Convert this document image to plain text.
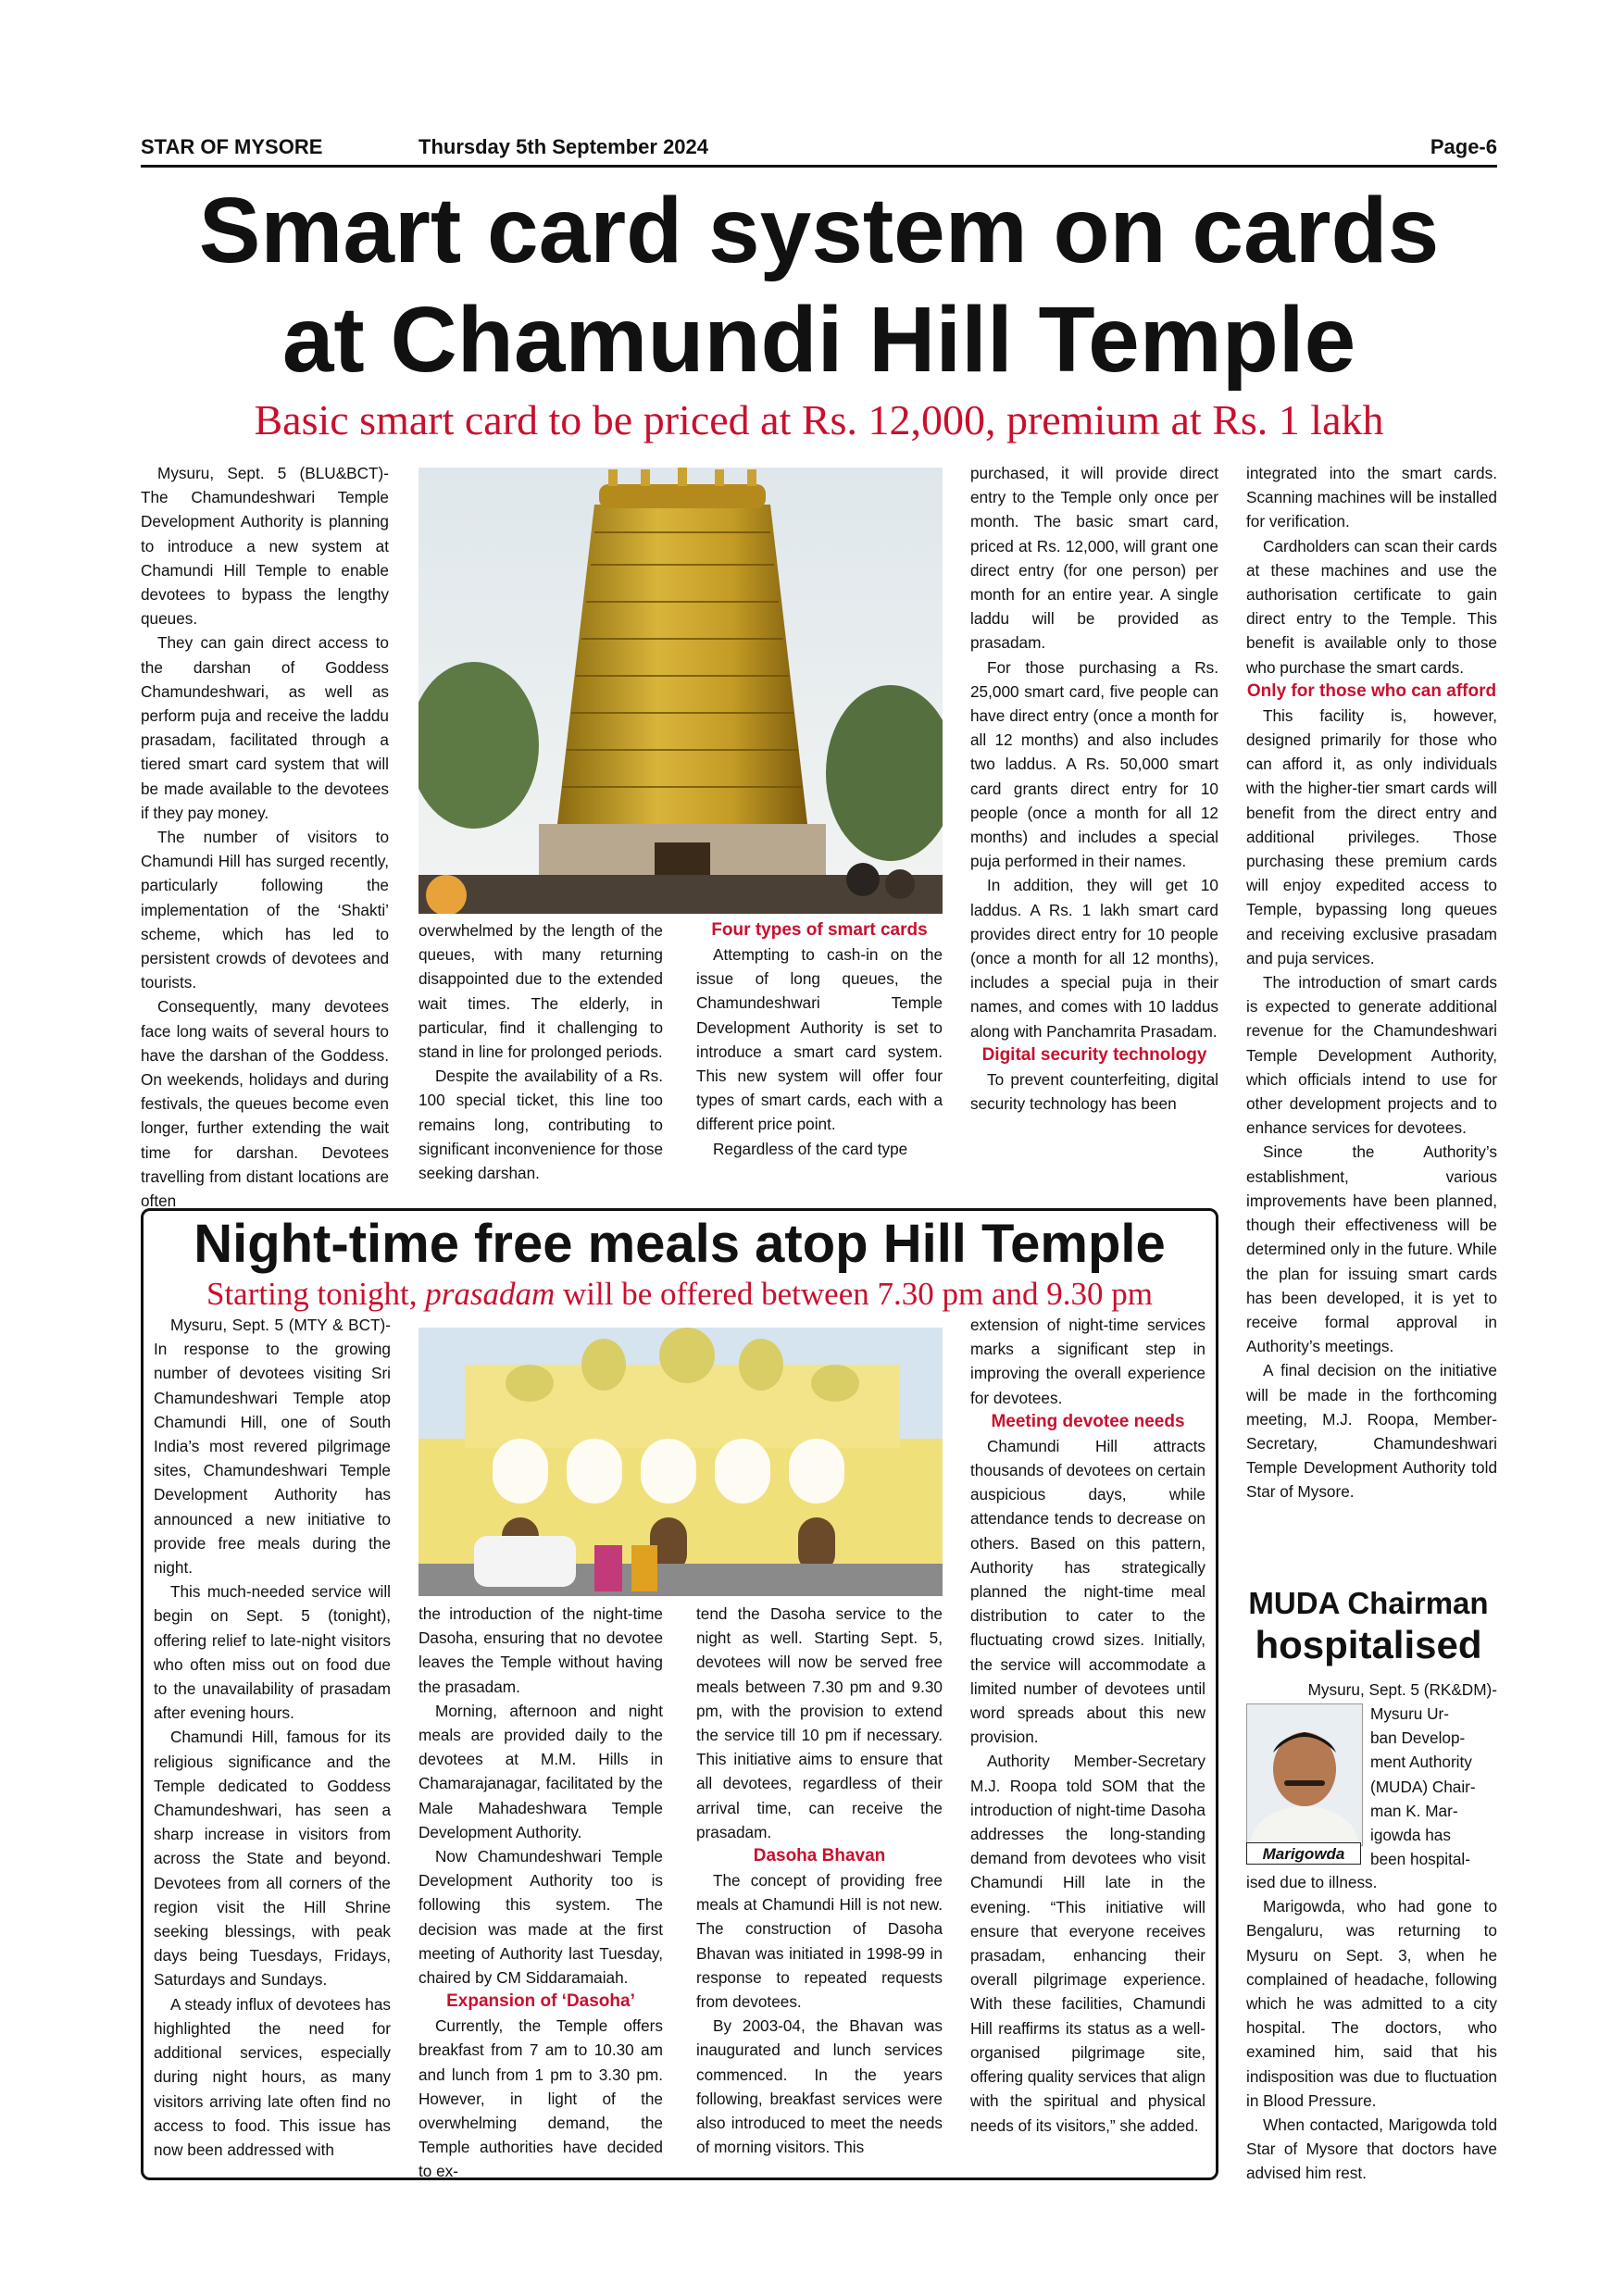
STAR OF MYSORE	Thursday 5th September 2024	Page-6
Smart card system on cards
at Chamundi Hill Temple
Basic smart card to be priced at Rs. 12,000, premium at Rs. 1 lakh

Mysuru, Sept. 5 (BLU&BCT)- The Chamundeshwari Temple Development Authority is planning to introduce a new system at Chamundi Hill Temple to enable devotees to bypass the lengthy queues.

They can gain direct access to the darshan of Goddess Chamundeshwari, as well as perform puja and receive the laddu prasadam, facilitated through a tiered smart card system that will be made available to the devotees if they pay money.

The number of visitors to Chamundi Hill has surged recently, particularly following the implementation of the ‘Shakti’ scheme, which has led to persistent crowds of devotees and tourists.

Consequently, many devotees face long waits of several hours to have the darshan of the Goddess. On weekends, holidays and during festivals, the queues become even longer, further extending the wait time for darshan. Devotees travelling from distant locations are often

overwhelmed by the length of the queues, with many returning disappointed due to the extended wait times. The elderly, in particular, find it challenging to stand in line for prolonged periods.

Despite the availability of a Rs. 100 special ticket, this line too remains long, contributing to significant inconvenience for those seeking darshan.

Four types of smart cards

Attempting to cash-in on the issue of long queues, the Chamundeshwari Temple Development Authority is set to introduce a smart card system. This new system will offer four types of smart cards, each with a different price point.

Regardless of the card type

purchased, it will provide direct entry to the Temple only once per month. The basic smart card, priced at Rs. 12,000, will grant one direct entry (for one person) per month for an entire year. A single laddu will be provided as prasadam.

For those purchasing a Rs. 25,000 smart card, five people can have direct entry (once a month for all 12 months) and also includes two laddus. A Rs. 50,000 smart card grants direct entry for 10 people (once a month for all 12 months) and includes a special puja performed in their names.

In addition, they will get 10 laddus. A Rs. 1 lakh smart card provides direct entry for 10 people (once a month for all 12 months), includes a special puja in their names, and comes with 10 laddus along with Panchamrita Prasadam.

Digital security technology

To prevent counterfeiting, digital security technology has been

integrated into the smart cards. Scanning machines will be installed for verification.

Cardholders can scan their cards at these machines and use the authorisation certificate to gain direct entry to the Temple. This benefit is available only to those who purchase the smart cards.

Only for those who can afford

This facility is, however, designed primarily for those who can afford it, as only individuals with the higher-tier smart cards will benefit from the direct entry and additional privileges. Those purchasing these premium cards will enjoy expedited access to Temple, bypassing long queues and receiving exclusive prasadam and puja services.

The introduction of smart cards is expected to generate additional revenue for the Chamundeshwari Temple Development Authority, which officials intend to use for other development projects and to enhance services for devotees.

Since the Authority’s establishment, various improvements have been planned, though their effectiveness will be determined only in the future. While the plan for issuing smart cards has been developed, it is yet to receive formal approval in Authority’s meetings.

A final decision on the initiative will be made in the forthcoming meeting, M.J. Roopa, Member-Secretary, Chamundeshwari Temple Development Authority told Star of Mysore.

Night-time free meals atop Hill Temple
Starting tonight, prasadam will be offered between 7.30 pm and 9.30 pm

Mysuru, Sept. 5 (MTY & BCT)- In response to the growing number of devotees visiting Sri Chamundeshwari Temple atop Chamundi Hill, one of South India’s most revered pilgrimage sites, Chamundeshwari Temple Development Authority has announced a new initiative to provide free meals during the night.

This much-needed service will begin on Sept. 5 (tonight), offering relief to late-night visitors who often miss out on food due to the unavailability of prasadam after evening hours.

Chamundi Hill, famous for its religious significance and the Temple dedicated to Goddess Chamundeshwari, has seen a sharp increase in visitors from across the State and beyond. Devotees from all corners of the region visit the Hill Shrine seeking blessings, with peak days being Tuesdays, Fridays, Saturdays and Sundays.

A steady influx of devotees has highlighted the need for additional services, especially during night hours, as many visitors arriving late often find no access to food. This issue has now been addressed with

the introduction of the night-time Dasoha, ensuring that no devotee leaves the Temple without having the prasadam.

Morning, afternoon and night meals are provided daily to the devotees at M.M. Hills in Chamarajanagar, facilitated by the Male Mahadeshwara Temple Development Authority.

Now Chamundeshwari Temple Development Authority too is following this system. The decision was made at the first meeting of Authority last Tuesday, chaired by CM Siddaramaiah.

Expansion of ‘Dasoha’

Currently, the Temple offers breakfast from 7 am to 10.30 am and lunch from 1 pm to 3.30 pm. However, in light of the overwhelming demand, the Temple authorities have decided to ex-

tend the Dasoha service to the night as well. Starting Sept. 5, devotees will now be served free meals between 7.30 pm and 9.30 pm, with the provision to extend the service till 10 pm if necessary. This initiative aims to ensure that all devotees, regardless of their arrival time, can receive the prasadam.

Dasoha Bhavan

The concept of providing free meals at Chamundi Hill is not new. The construction of Dasoha Bhavan was initiated in 1998-99 in response to repeated requests from devotees.

By 2003-04, the Bhavan was inaugurated and lunch services commenced. In the years following, breakfast services were also introduced to meet the needs of morning visitors. This

extension of night-time services marks a significant step in improving the overall experience for devotees.

Meeting devotee needs

Chamundi Hill attracts thousands of devotees on certain auspicious days, while attendance tends to decrease on others. Based on this pattern, Authority has strategically planned the night-time meal distribution to cater to the fluctuating crowd sizes. Initially, the service will accommodate a limited number of devotees until word spreads about this new provision.

Authority Member-Secretary M.J. Roopa told SOM that the introduction of night-time Dasoha addresses the long-standing demand from devotees who visit Chamundi Hill late in the evening. “This initiative will ensure that everyone receives prasadam, enhancing their overall pilgrimage experience. With these facilities, Chamundi Hill reaffirms its status as a well-organised pilgrimage site, offering quality services that align with the spiritual and physical needs of its visitors,” she added.

MUDA Chairman
hospitalised

Mysuru, Sept. 5 (RK&DM)-

Mysuru Ur-

ban Develop-

ment Authority

(MUDA) Chair-

man K. Mar-

igowda has

been hospital-

Marigowda

ised due to illness.

Marigowda, who had gone to Bengaluru, was returning to Mysuru on Sept. 3, when he complained of headache, following which he was admitted to a city hospital. The doctors, who examined him, said that his indisposition was due to fluctuation in Blood Pressure.

When contacted, Marigowda told Star of Mysore that doctors have advised him rest.
